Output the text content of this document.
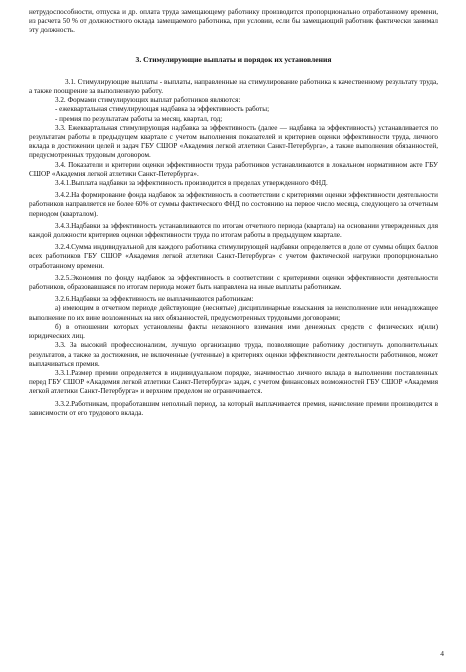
нетрудоспособности, отпуска и др. оплата труда замещающему работнику производится пропорционально отработанному времени, из расчета 50 % от должностного оклада замещаемого работника, при условии, если бы замещающий работник фактически занимал эту должность.

3. Стимулирующие выплаты и порядок их установления

3.1. Стимулирующие выплаты - выплаты, направленные на стимулирование работника к качественному результату труда, а также поощрение за выполненную работу.

3.2. Формами стимулирующих выплат работников являются:

- ежеквартальная стимулирующая надбавка за эффективность работы;

- премия по результатам работы за месяц, квартал, год;

3.3. Ежеквартальная стимулирующая надбавка за эффективность (далее — надбавка за эффективность) устанавливается по результатам работы в предыдущем квартале с учетом выполнения показателей и критериев оценки эффективности труда, личного вклада в достижении целей и задач ГБУ СШОР «Академия легкой атлетики Санкт-Петербурга», а также выполнения обязанностей, предусмотренных трудовым договором.

3.4. Показатели и критерии оценки эффективности труда работников устанавливаются в локальном нормативном акте ГБУ СШОР «Академия легкой атлетики Санкт-Петербурга».

3.4.1.Выплата надбавки за эффективность производится в пределах утвержденного ФНД.

3.4.2.На формирование фонда надбавок за эффективность в соответствии с критериями оценки эффективности деятельности работников направляется не более 60% от суммы фактического ФНД по состоянию на первое число месяца, следующего за отчетным периодом (кварталом).

3.4.3.Надбавки за эффективность устанавливаются по итогам отчетного периода (квартала) на основании утвержденных для каждой должности критериев оценки эффективности труда по итогам работы в предыдущем квартале.

3.2.4.Сумма индивидуальной для каждого работника стимулирующей надбавки определяется в доле от суммы общих баллов всех работников ГБУ СШОР «Академия легкой атлетики Санкт-Петербурга» с учетом фактической нагрузки пропорционально отработанному времени.

3.2.5.Экономия по фонду надбавок за эффективность в соответствии с критериями оценки эффективности деятельности работников, образовавшаяся по итогам периода может быть направлена на иные выплаты работникам.

3.2.6.Надбавки за эффективность не выплачиваются работникам:

а) имеющим в отчетном периоде действующие (неснятые) дисциплинарные взыскания за неисполнение или ненадлежащее выполнение по их вине возложенных на них обязанностей, предусмотренных трудовыми договорами;

б) в отношении которых установлены факты незаконного взимания ими денежных средств с физических и(или) юридических лиц.

3.3. За высокий профессионализм, лучшую организацию труда, позволяющие работнику достигнуть дополнительных результатов, а также за достижения, не включенные (учтенные) в критериях оценки эффективности деятельности работников, может выплачиваться премия.

3.3.1.Размер премии определяется в индивидуальном порядке, значимостью личного вклада в выполнении поставленных перед ГБУ СШОР «Академия легкой атлетики Санкт-Петербурга» задач, с учетом финансовых возможностей ГБУ СШОР «Академия легкой атлетики Санкт-Петербурга» и верхним пределом не ограничивается.

3.3.2.Работникам, проработавшим неполный период, за который выплачивается премия, начисление премии производится в зависимости от его трудового вклада.

4
